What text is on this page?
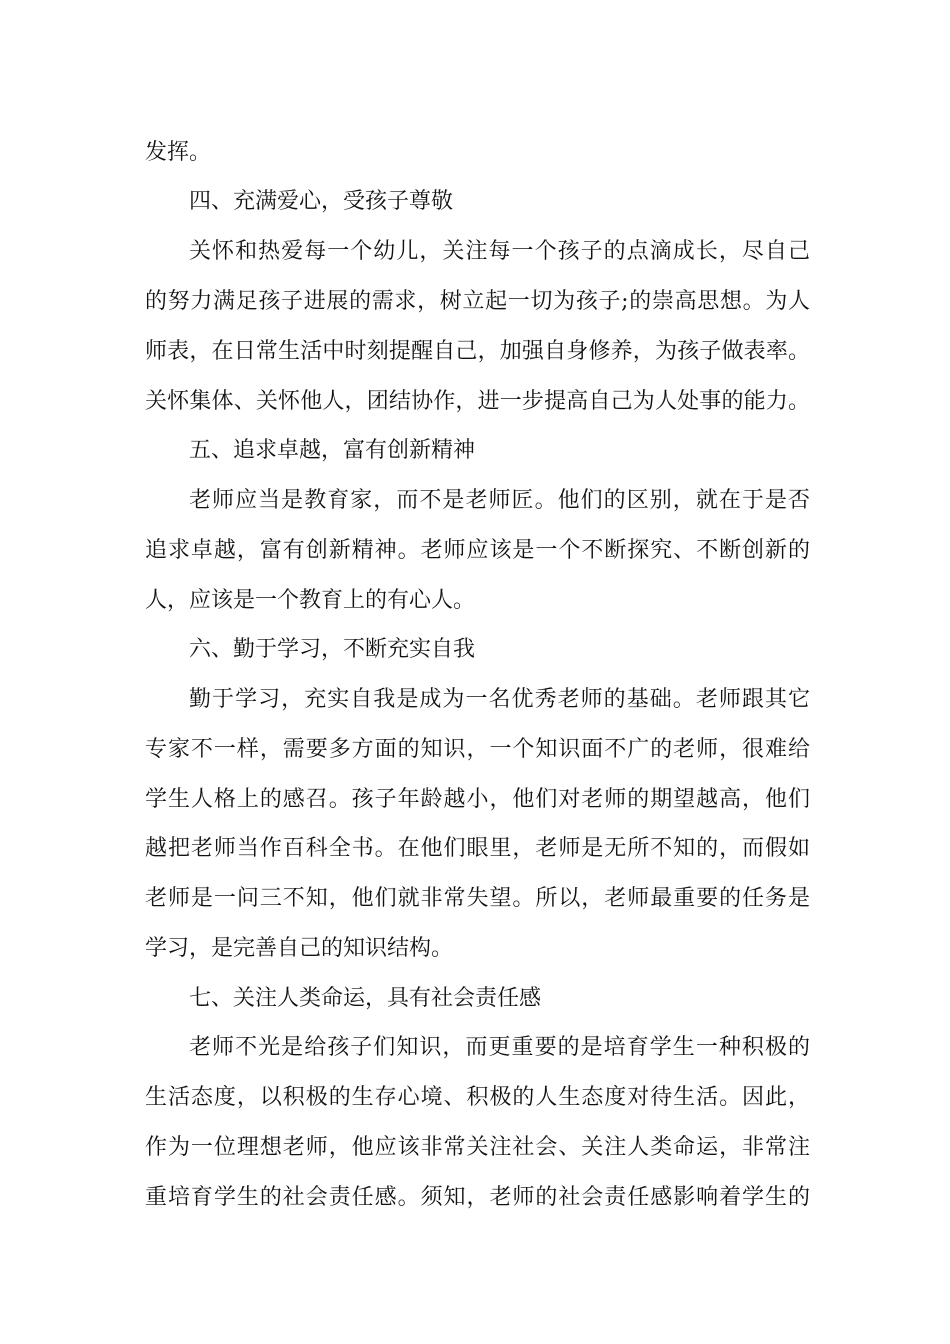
发挥。
四、充满爱心，受孩子尊敬
关怀和热爱每一个幼儿，关注每一个孩子的点滴成长，尽自己
的努力满足孩子进展的需求，树立起一切为孩子;的崇高思想。为人
师表，在日常生活中时刻提醒自己，加强自身修养，为孩子做表率。
关怀集体、关怀他人，团结协作，进一步提高自己为人处事的能力。
五、追求卓越，富有创新精神
老师应当是教育家，而不是老师匠。他们的区别，就在于是否
追求卓越，富有创新精神。老师应该是一个不断探究、不断创新的
人，应该是一个教育上的有心人。
六、勤于学习，不断充实自我
勤于学习，充实自我是成为一名优秀老师的基础。老师跟其它
专家不一样，需要多方面的知识，一个知识面不广的老师，很难给
学生人格上的感召。孩子年龄越小，他们对老师的期望越高，他们
越把老师当作百科全书。在他们眼里，老师是无所不知的，而假如
老师是一问三不知，他们就非常失望。所以，老师最重要的任务是
学习，是完善自己的知识结构。
七、关注人类命运，具有社会责任感
老师不光是给孩子们知识，而更重要的是培育学生一种积极的
生活态度，以积极的生存心境、积极的人生态度对待生活。因此，
作为一位理想老师，他应该非常关注社会、关注人类命运，非常注
重培育学生的社会责任感。须知，老师的社会责任感影响着学生的
